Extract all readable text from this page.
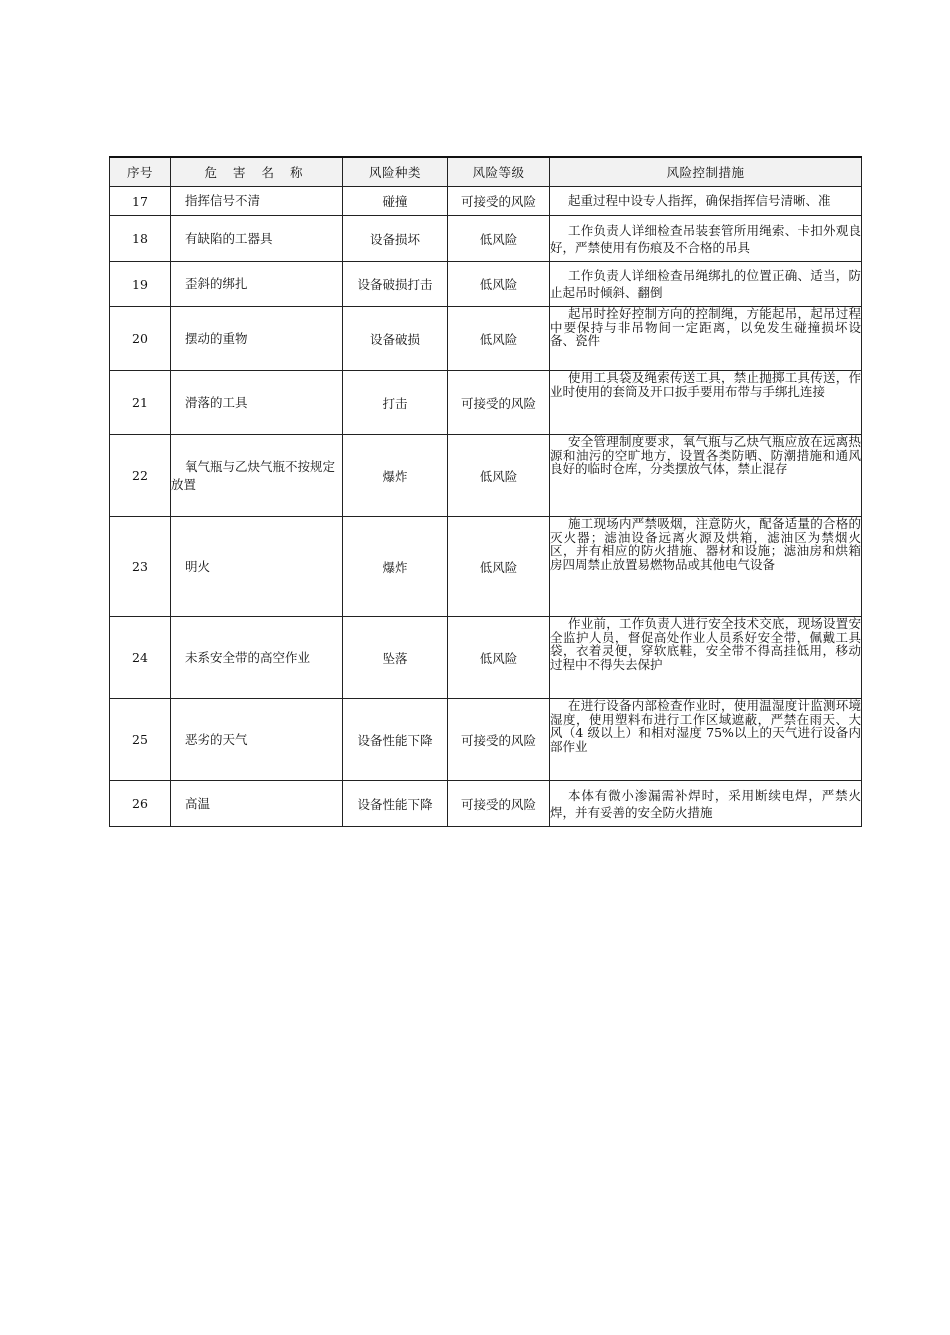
序号	危 害 名 称	风险种类	风险等级	风险控制措施
17	指挥信号不清	碰撞	可接受的风险	起重过程中设专人指挥，确保指挥信号清晰、准

18	有缺陷的工器具	设备损坏	低风险	工作负责人详细检查吊装套管所用绳索、卡扣外观良好，严禁使用有伤痕及不合格的吊具

19	歪斜的绑扎	设备破损打击	低风险	工作负责人详细检查吊绳绑扎的位置正确、适当，防止起吊时倾斜、翻倒

20	摆动的重物	设备破损	低风险	起吊时拴好控制方向的控制绳，方能起吊，起吊过程中要保持与非吊物间一定距离，以免发生碰撞损坏设备、瓷件

21	滑落的工具	打击	可接受的风险	使用工具袋及绳索传送工具，禁止抛掷工具传送，作业时使用的套筒及开口扳手要用布带与手绑扎连接

22	氧气瓶与乙炔气瓶不按规定放置	爆炸	低风险	安全管理制度要求，氧气瓶与乙炔气瓶应放在远离热源和油污的空旷地方，设置各类防晒、防潮措施和通风良好的临时仓库，分类摆放气体，禁止混存

23	明火	爆炸	低风险	施工现场内严禁吸烟，注意防火，配备适量的合格的灭火器；滤油设备远离火源及烘箱，滤油区为禁烟火区，并有相应的防火措施、器材和设施；滤油房和烘箱房四周禁止放置易燃物品或其他电气设备

24	未系安全带的高空作业	坠落	低风险	作业前，工作负责人进行安全技术交底，现场设置安全监护人员，督促高处作业人员系好安全带，佩戴工具袋，衣着灵便，穿软底鞋，安全带不得高挂低用，移动过程中不得失去保护

25	恶劣的天气	设备性能下降	可接受的风险	在进行设备内部检查作业时，使用温湿度计监测环境湿度，使用塑料布进行工作区域遮蔽，严禁在雨天、大风（4 级以上）和相对湿度 75%以上的天气进行设备内部作业

26	高温	设备性能下降	可接受的风险	本体有微小渗漏需补焊时，采用断续电焊，严禁火焊，并有妥善的安全防火措施
